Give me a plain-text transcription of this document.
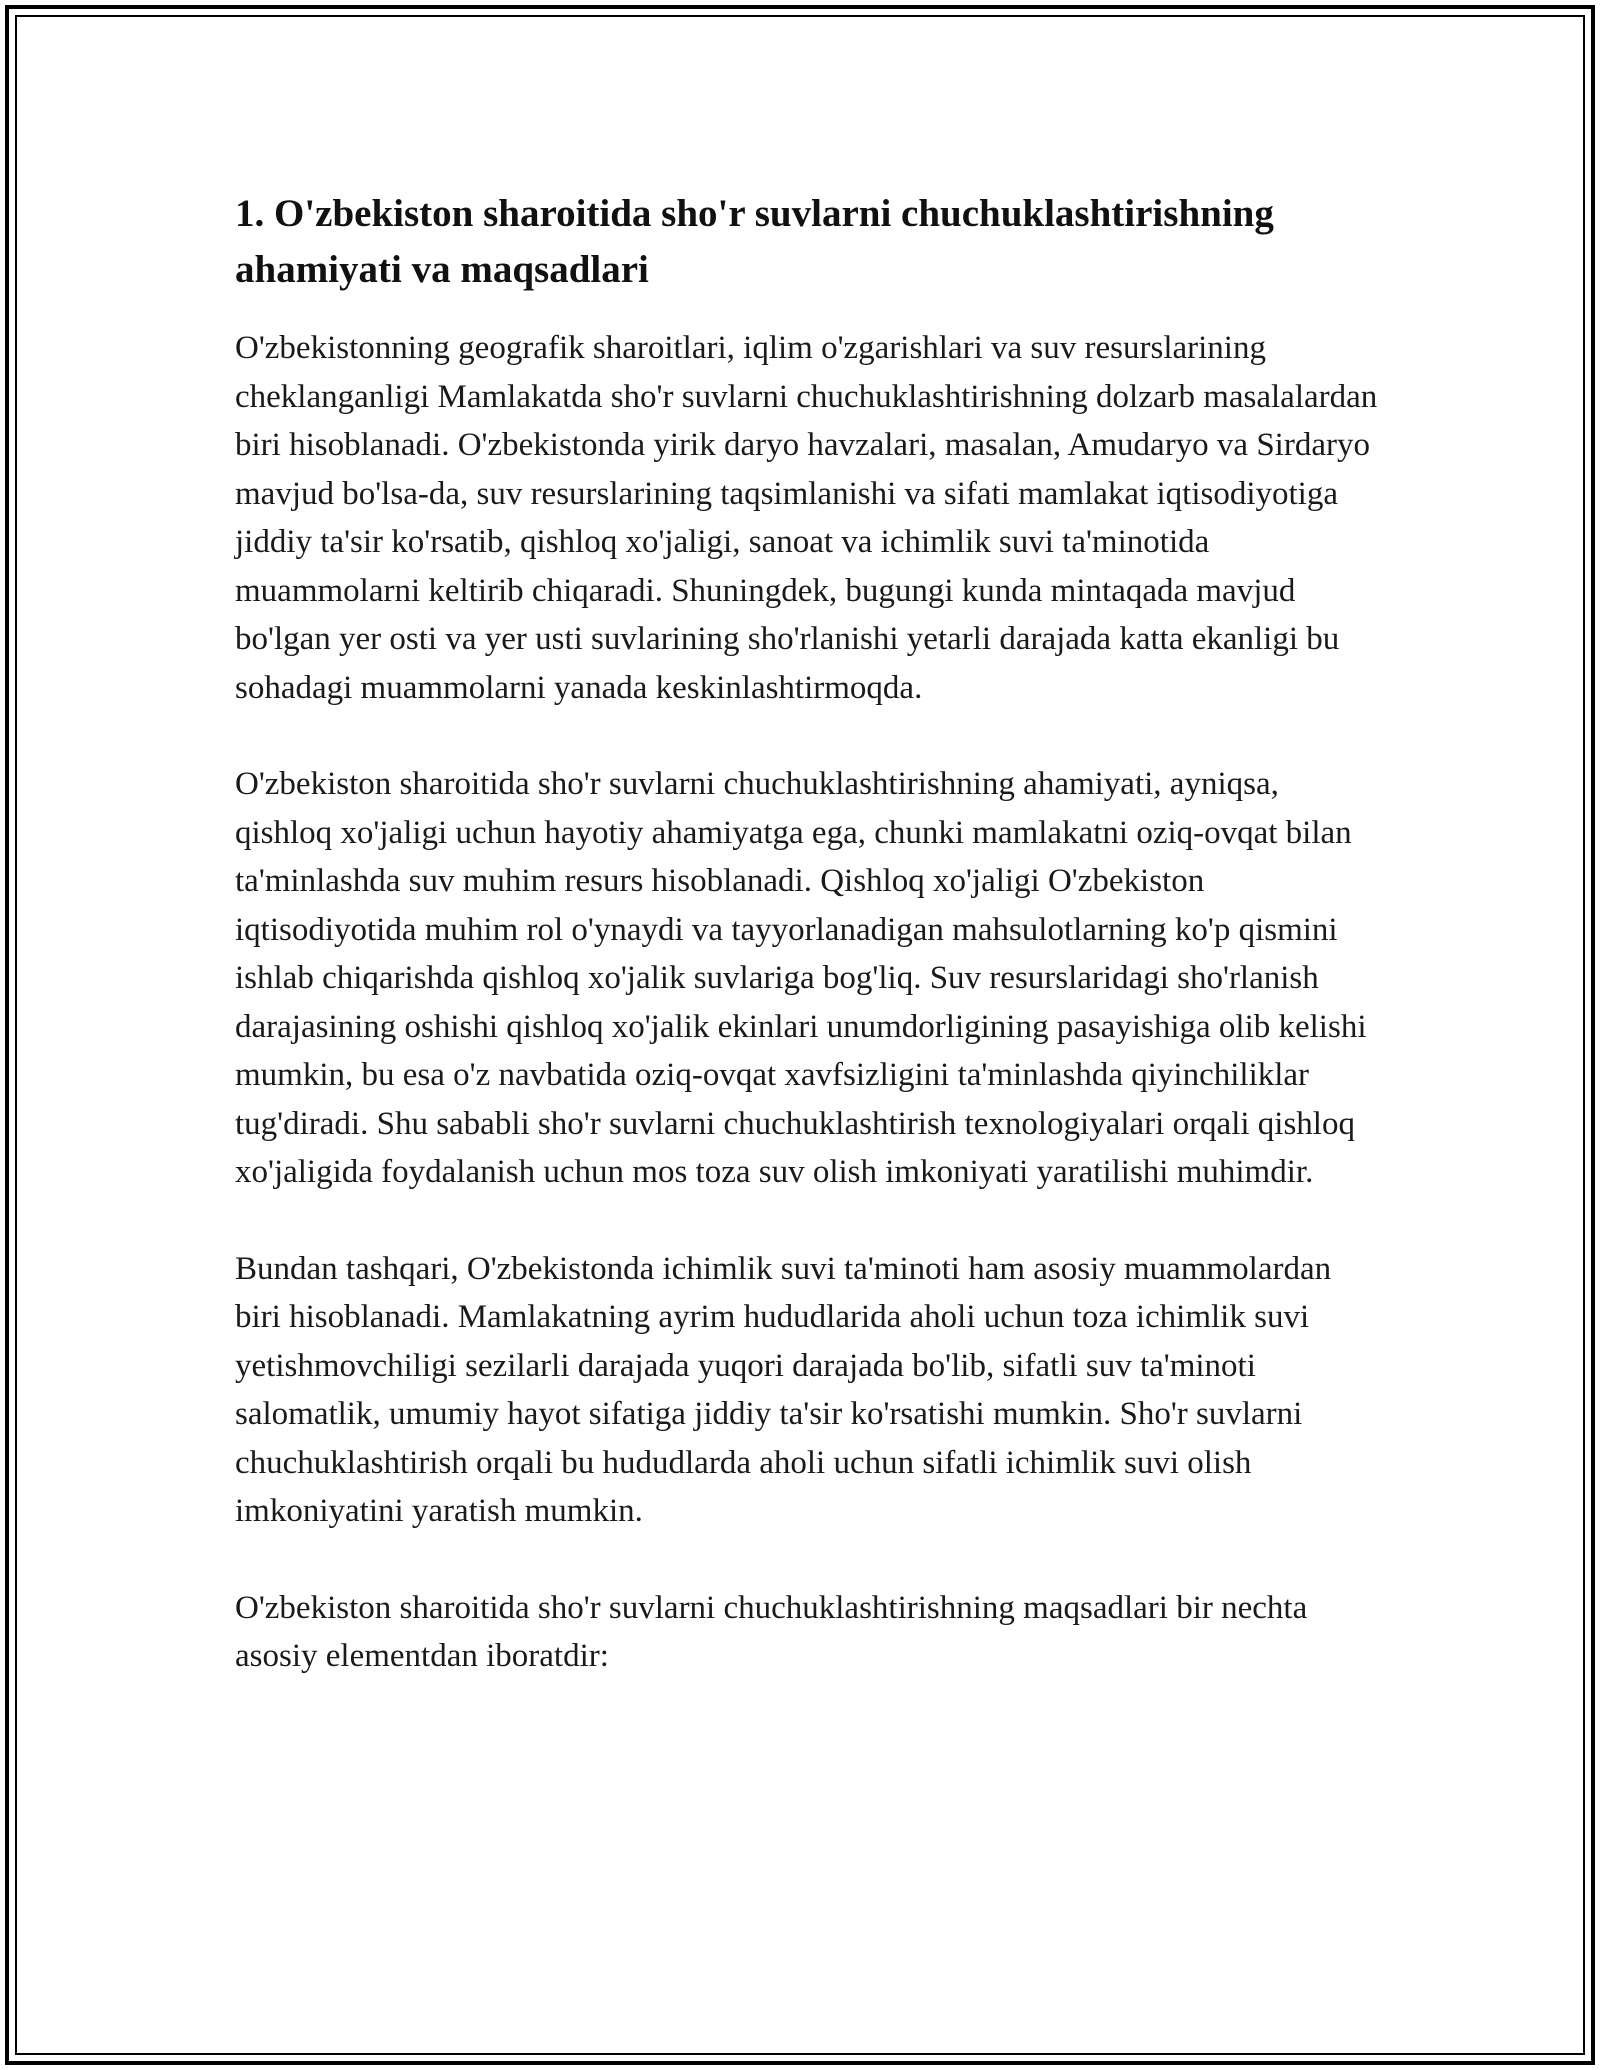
1. O'zbekiston sharoitida sho'r suvlarni chuchuklashtirishning ahamiyati va maqsadlari

O'zbekistonning geografik sharoitlari, iqlim o'zgarishlari va suv resurslarining cheklanganligi Mamlakatda sho'r suvlarni chuchuklashtirishning dolzarb masalalardan biri hisoblanadi. O'zbekistonda yirik daryo havzalari, masalan, Amudaryo va Sirdaryo mavjud bo'lsa-da, suv resurslarining taqsimlanishi va sifati mamlakat iqtisodiyotiga jiddiy ta'sir ko'rsatib, qishloq xo'jaligi, sanoat va ichimlik suvi ta'minotida muammolarni keltirib chiqaradi. Shuningdek, bugungi kunda mintaqada mavjud bo'lgan yer osti va yer usti suvlarining sho'rlanishi yetarli darajada katta ekanligi bu sohadagi muammolarni yanada keskinlashtirmoqda.

O'zbekiston sharoitida sho'r suvlarni chuchuklashtirishning ahamiyati, ayniqsa, qishloq xo'jaligi uchun hayotiy ahamiyatga ega, chunki mamlakatni oziq-ovqat bilan ta'minlashda suv muhim resurs hisoblanadi. Qishloq xo'jaligi O'zbekiston iqtisodiyotida muhim rol o'ynaydi va tayyorlanadigan mahsulotlarning ko'p qismini ishlab chiqarishda qishloq xo'jalik suvlariga bog'liq. Suv resurslaridagi sho'rlanish darajasining oshishi qishloq xo'jalik ekinlari unumdorligining pasayishiga olib kelishi mumkin, bu esa o'z navbatida oziq-ovqat xavfsizligini ta'minlashda qiyinchiliklar tug'diradi. Shu sababli sho'r suvlarni chuchuklashtirish texnologiyalari orqali qishloq xo'jaligida foydalanish uchun mos toza suv olish imkoniyati yaratilishi muhimdir.

Bundan tashqari, O'zbekistonda ichimlik suvi ta'minoti ham asosiy muammolardan biri hisoblanadi. Mamlakatning ayrim hududlarida aholi uchun toza ichimlik suvi yetishmovchiligi sezilarli darajada yuqori darajada bo'lib, sifatli suv ta'minoti salomatlik, umumiy hayot sifatiga jiddiy ta'sir ko'rsatishi mumkin. Sho'r suvlarni chuchuklashtirish orqali bu hududlarda aholi uchun sifatli ichimlik suvi olish imkoniyatini yaratish mumkin.

O'zbekiston sharoitida sho'r suvlarni chuchuklashtirishning maqsadlari bir nechta asosiy elementdan iboratdir:
